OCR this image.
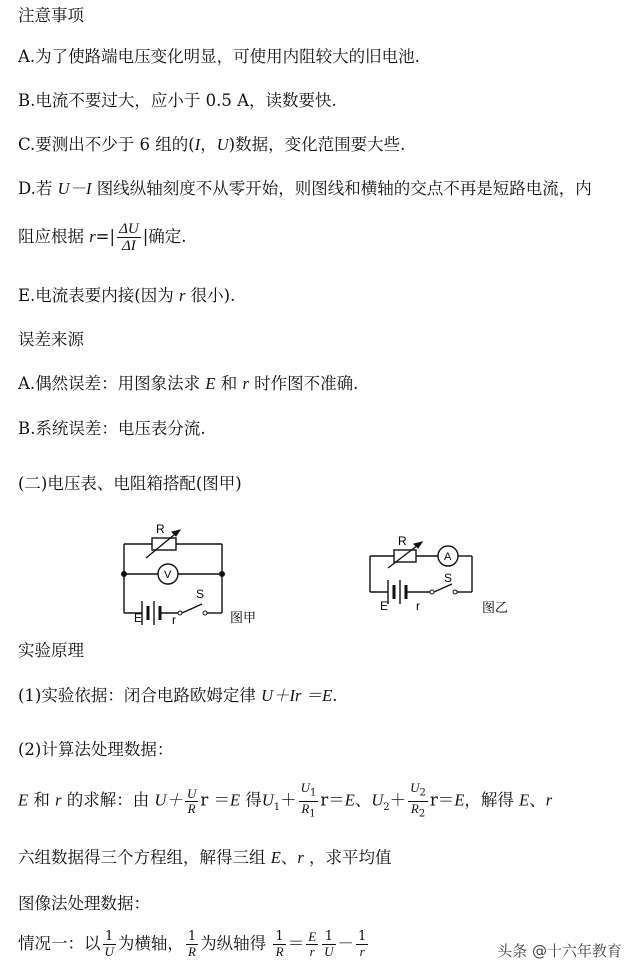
注意事项
A.为了使路端电压变化明显，可使用内阻较大的旧电池.
B.电流不要过大，应小于 0.5 A，读数要快.
C.要测出不少于 6 组的(I，U)数据，变化范围要大些.
D.若 U－I 图线纵轴刻度不从零开始，则图线和横轴的交点不再是短路电流，内
阻应根据 $r=| \frac{\Delta U}{\Delta I}$ |确定.
E.电流表要内接(因为 r 很小).
误差来源
A.偶然误差：用图象法求 E 和 r 时作图不准确.
B.系统误差：电压表分流.
(二)电压表、电阻箱搭配(图甲)
R
V
S
E r	图甲
R
A
S
E r	图乙
实验原理
(1)实验依据：闭合电路欧姆定律 U＋Ir ＝E.
(2)计算法处理数据：
E 和 r 的求解：由 $U+ \frac{U}{R}$ r ＝E 得$U_1+ \frac{U_1}{R_1} r=E$、$U_2+ \frac{U_2}{R_2} r=E$，解得 E、r
六组数据得三个方程组，解得三组 E、r ，求平均值
图像法处理数据：
情况一：以 $\frac{1}{U}$ 为横轴， $\frac{1}{R}$ 为纵轴得 $\frac{1}{R} = \frac{E}{r} \frac{1}{U} - \frac{1}{r}$	头条 @十六年教育
